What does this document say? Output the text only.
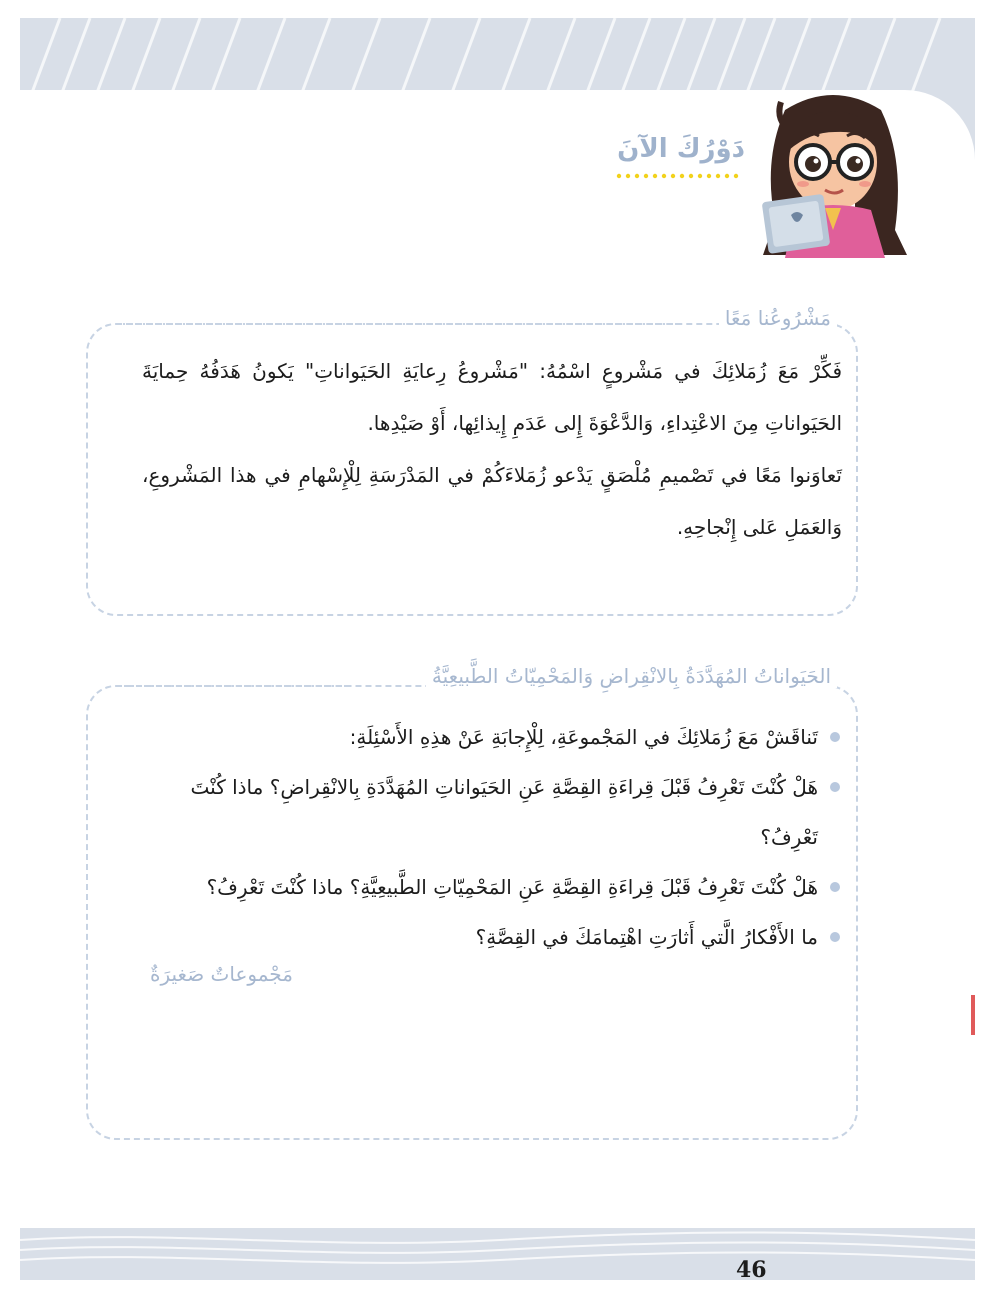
دَوْرُكَ الآنَ

مَشْرُوعُنا مَعًا

فَكِّرْ مَعَ زُمَلائِكَ في مَشْروعٍ اسْمُهُ: "مَشْروعُ رِعايَةِ الحَيَواناتِ" يَكونُ هَدَفُهُ حِمايَةَ الحَيَواناتِ مِنَ الاعْتِداءِ، وَالدَّعْوَةَ إِلى عَدَمِ إِيذائِها، أَوْ صَيْدِها.

تَعاوَنوا مَعًا في تَصْميمِ مُلْصَقٍ يَدْعو زُمَلاءَكُمْ في المَدْرَسَةِ لِلْإِسْهامِ في هذا المَشْروعِ، وَالعَمَلِ عَلى إِنْجاحِهِ.

الحَيَواناتُ المُهَدَّدَةُ بِالانْقِراضِ وَالمَحْمِيّاتُ الطَّبيعِيَّةُ

تَناقَشْ مَعَ زُمَلائِكَ في المَجْموعَةِ، لِلْإِجابَةِ عَنْ هذِهِ الأَسْئِلَةِ:
هَلْ كُنْتَ تَعْرِفُ قَبْلَ قِراءَةِ القِصَّةِ عَنِ الحَيَواناتِ المُهَدَّدَةِ بِالانْقِراضِ؟ ماذا كُنْتَ تَعْرِفُ؟
هَلْ كُنْتَ تَعْرِفُ قَبْلَ قِراءَةِ القِصَّةِ عَنِ المَحْمِيّاتِ الطَّبيعِيَّةِ؟ ماذا كُنْتَ تَعْرِفُ؟
ما الأَفْكارُ الَّتي أَثارَتِ اهْتِمامَكَ في القِصَّةِ؟

مَجْموعاتٌ صَغيرَةٌ

46
